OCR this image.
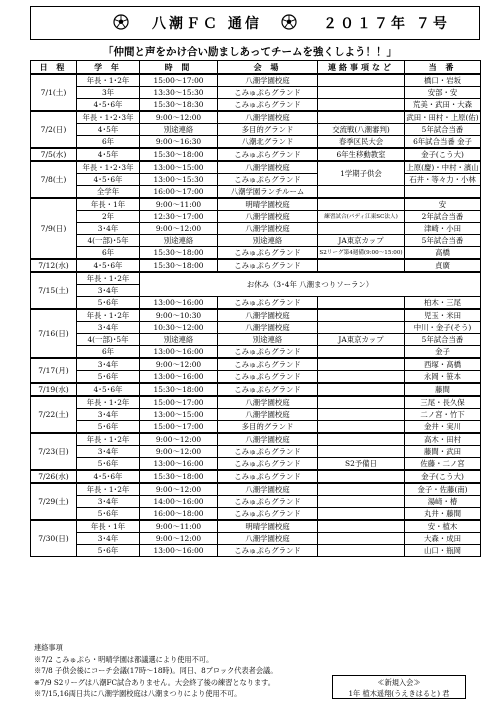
八潮ＦＣ 通信	２０１７年 ７号
「仲間と声をかけ合い励ましあってチームを強くしよう！！」
日 程	学 年	時 間	会 場	連絡事項など	当 番	
7/1(土)	年長・1･2年	15:00～17:00	八潮学園校庭		橋口・岩坂	
	3年	13:30～15:30	こみゅぷらグランド		安部・安	
	4･5･6年	15:30～18:30	こみゅぷらグランド		荒美・武田・大森	
7/2(日)	年長・1･2･3年	9:00～12:00	八潮学園校庭		武田・田村・上原(佑)	
	4･5年	別途連絡	多目的グランド	交流戦(八潮審判)	5年試合当番	
	6年	9:00～16:30	八潮北グランド	春季区民大会	6年試合当番 金子	
7/5(水)	4･5年	15:30～18:00	こみゅぷらグランド	6年生移動教室	金子(こう大)	
7/8(土)	年長・1･2･3年	13:00～15:00	八潮学園校庭	1学期子供会	上原(慶)・中村・濱山	
	4･5･6年	13:00～15:30	こみゅぷらグランド		石井・等々力・小林	
	全学年	16:00～17:00	八潮学園ランチルーム			
7/9(日)	年長・1年	9:00～11:00	明晴学園校庭		安	
	2年	12:30～17:00	八潮学園校庭	練習試合(パディ江東SC法人)	2年試合当番	
	3･4年	9:00～12:00	八潮学園校庭		津崎・小田	
	4(一部)･5年	別途連絡	別途連絡	JA東京カップ	5年試合当番	
	6年	15:30～18:00	こみゅぷらグランド	S2リーグ第4週備(9:00～15:00)	高橋	
7/12(水)	4･5･6年	15:30～18:00	こみゅぷらグランド		貞廣	
7/15(土)	年長・1･2年	お休み（3･4年 八潮まつりソーラン）				
	3･4年					
	5･6年	13:00～16:00	こみゅぷらグランド		柏木・三尾	
7/16(日)	年長・1･2年	9:00～10:30	八潮学園校庭		児玉・米田	
	3･4年	10:30～12:00	八潮学園校庭		中川・金子(そう)	
	4(一部)･5年	別途連絡	別途連絡	JA東京カップ	5年試合当番	
	6年	13:00～16:00	こみゅぷらグランド		金子	
7/17(月)	3･4年	9:00～12:00	こみゅぷらグランド		西塚・髙橋	
	5･6年	13:00～16:00	こみゅぷらグランド		永岡・笹本	
7/19(水)	4･5･6年	15:30～18:00	こみゅぷらグランド		藤間	
7/22(土)	年長・1･2年	15:00～17:00	八潮学園校庭		三尾・長久保	
	3･4年	13:00～15:00	八潮学園校庭		二ノ宮・竹下	
	5･6年	15:00～17:00	多目的グランド		金井・実川	
7/23(日)	年長・1･2年	9:00～12:00	八潮学園校庭		高木・田村	
	3･4年	9:00～12:00	こみゅぷらグランド		藤間・武田	
	5･6年	13:00～16:00	こみゅぷらグランド	S2予備日	佐藤・二ノ宮	
7/26(水)	4･5･6年	15:30～18:00	こみゅぷらグランド		金子(こう大)	
7/29(土)	年長・1･2年	9:00～12:00	八潮学園校庭		金子・佐藤(南)	
	3･4年	14:00～16:00	こみゅぷらグランド		湯﨑・椿	
	5･6年	16:00～18:00	こみゅぷらグランド		丸井・藤間	
7/30(日)	年長・1年	9:00～11:00	明晴学園校庭		安・植木	
	3･4年	9:00～12:00	八潮学園校庭		大森・成田	
	5･6年	13:00～16:00	こみゅぷらグランド		山口・瓶岡	
連絡事項
※7/2 こみゅぷら・明晴学園は都議選により使用不可。
※7/8 子供会後にコーチ会議(17時～18時)。同日、8ブロック代表者会議。
※7/9 S2リーグは八潮FC試合ありません。大会終了後の練習となります。
※7/15,16両日共に八潮学園校庭は八潮まつりにより使用不可。
≪新規入会≫
1年 植木遥翔(うえきはると) 君
